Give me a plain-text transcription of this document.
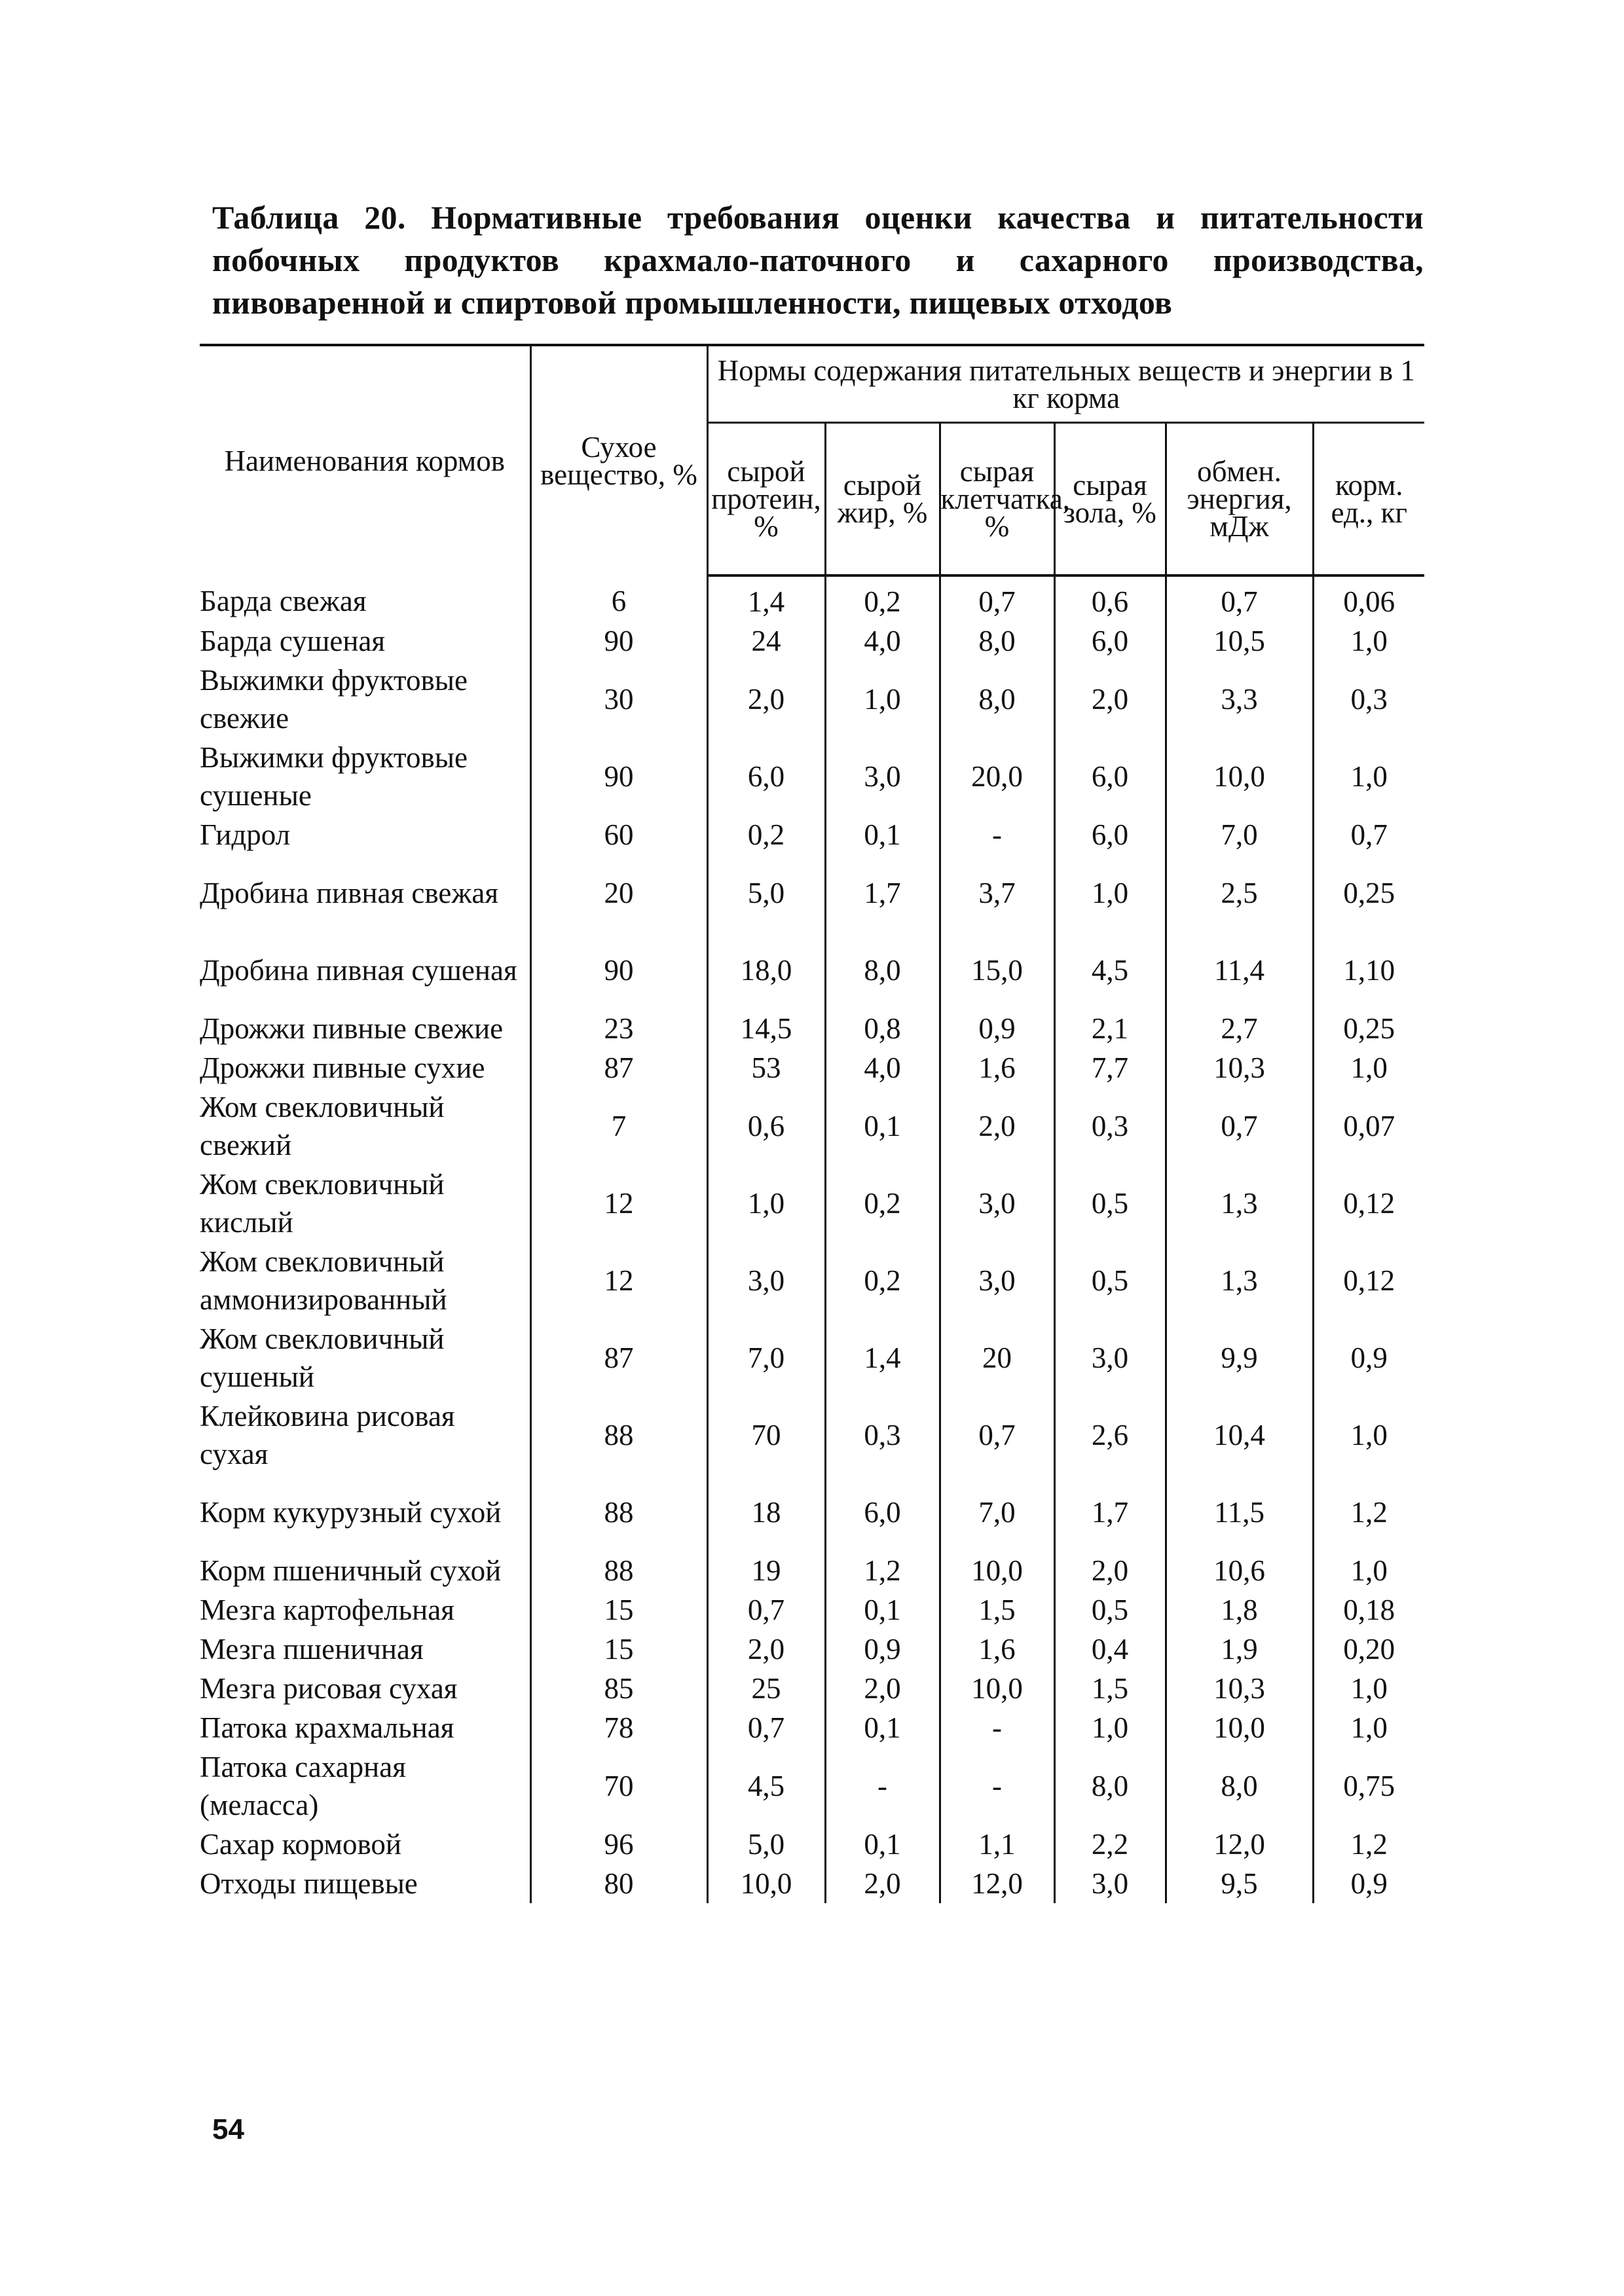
Таблица 20. Нормативные требования оценки качества и питательности побочных продуктов крахмало-паточного и сахарного производства, пивоваренной и спиртовой промышленности, пищевых отходов
Наименования кормов	Сухое вещество, %	Нормы содержания питательных веществ и энергии в 1 кг корма					
		сырой протеин, %	сырой жир, %	сырая клетчатка, %	сырая зола, %	обмен. энергия, мДж	корм. ед., кг
Барда свежая	6	1,4	0,2	0,7	0,6	0,7	0,06
Барда сушеная	90	24	4,0	8,0	6,0	10,5	1,0
Выжимки фруктовые свежие	30	2,0	1,0	8,0	2,0	3,3	0,3
Выжимки фруктовые сушеные	90	6,0	3,0	20,0	6,0	10,0	1,0
Гидрол	60	0,2	0,1	-	6,0	7,0	0,7
Дробина пивная свежая	20	5,0	1,7	3,7	1,0	2,5	0,25
Дробина пивная сушеная	90	18,0	8,0	15,0	4,5	11,4	1,10
Дрожжи пивные свежие	23	14,5	0,8	0,9	2,1	2,7	0,25
Дрожжи пивные сухие	87	53	4,0	1,6	7,7	10,3	1,0
Жом свекловичный свежий	7	0,6	0,1	2,0	0,3	0,7	0,07
Жом свекловичный кислый	12	1,0	0,2	3,0	0,5	1,3	0,12
Жом свекловичный аммонизированный	12	3,0	0,2	3,0	0,5	1,3	0,12
Жом свекловичный сушеный	87	7,0	1,4	20	3,0	9,9	0,9
Клейковина рисовая сухая	88	70	0,3	0,7	2,6	10,4	1,0
Корм кукурузный сухой	88	18	6,0	7,0	1,7	11,5	1,2
Корм пшеничный сухой	88	19	1,2	10,0	2,0	10,6	1,0
Мезга картофельная	15	0,7	0,1	1,5	0,5	1,8	0,18
Мезга пшеничная	15	2,0	0,9	1,6	0,4	1,9	0,20
Мезга рисовая сухая	85	25	2,0	10,0	1,5	10,3	1,0
Патока крахмальная	78	0,7	0,1	-	1,0	10,0	1,0
Патока сахарная (меласса)	70	4,5	-	-	8,0	8,0	0,75
Сахар кормовой	96	5,0	0,1	1,1	2,2	12,0	1,2
Отходы пищевые	80	10,0	2,0	12,0	3,0	9,5	0,9
54
